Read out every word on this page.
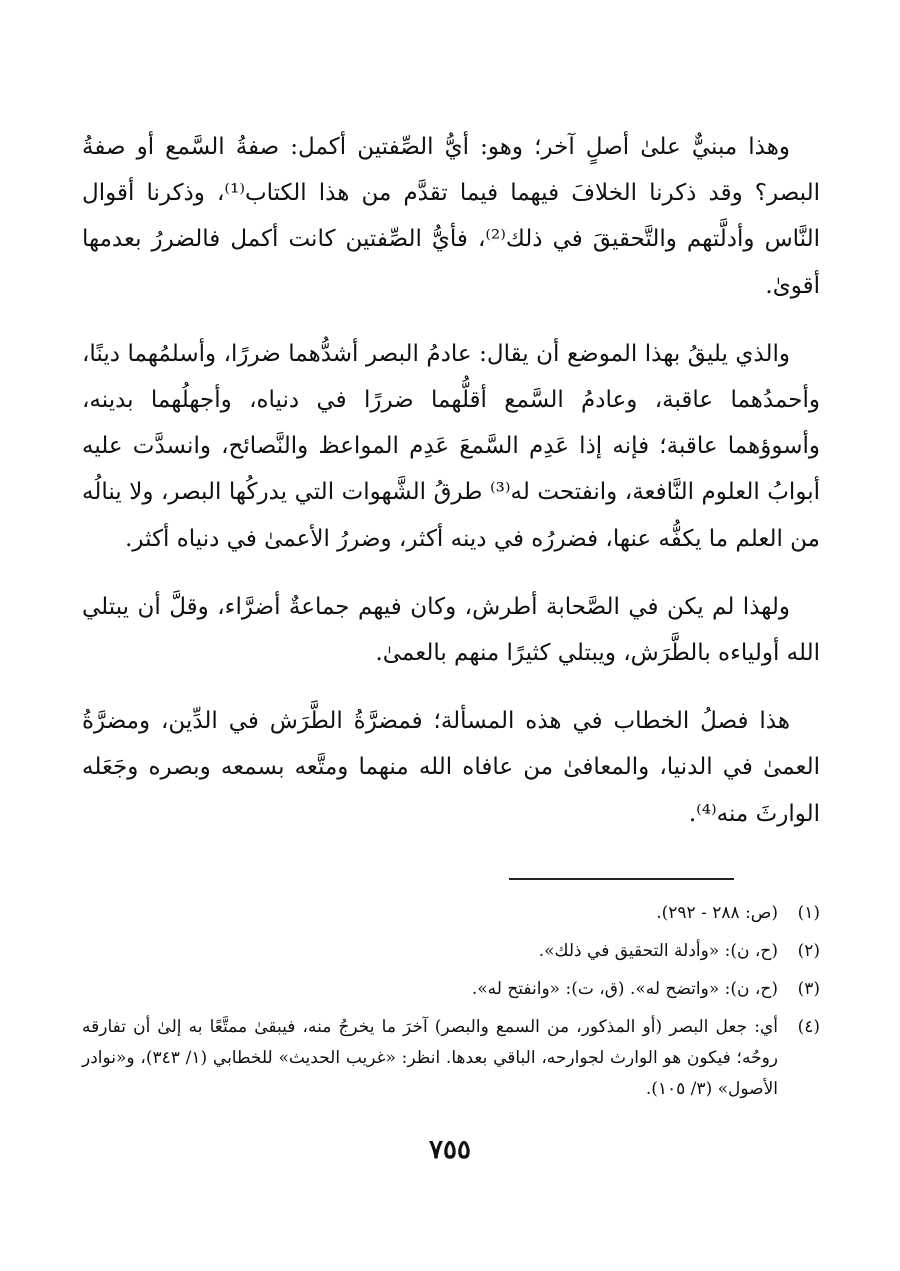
وهذا مبنيٌّ علىٰ أصلٍ آخر؛ وهو: أيُّ الصِّفتين أكمل: صفةُ السَّمع أو صفةُ البصر؟ وقد ذكرنا الخلافَ فيهما فيما تقدَّم من هذا الكتاب⁽¹⁾، وذكرنا أقوال النَّاس وأدلَّتهم والتَّحقيقَ في ذلك⁽²⁾، فأيُّ الصِّفتين كانت أكمل فالضررُ بعدمها أقوىٰ.

والذي يليقُ بهذا الموضع أن يقال: عادمُ البصر أشدُّهما ضررًا، وأسلمُهما دينًا، وأحمدُهما عاقبة، وعادمُ السَّمع أقلُّهما ضررًا في دنياه، وأجهلُهما بدينه، وأسوؤهما عاقبة؛ فإنه إذا عَدِم السَّمعَ عَدِم المواعظ والنَّصائح، وانسدَّت عليه أبوابُ العلوم النَّافعة، وانفتحت له⁽³⁾ طرقُ الشَّهوات التي يدركُها البصر، ولا ينالُه من العلم ما يكفُّه عنها، فضررُه في دينه أكثر، وضررُ الأعمىٰ في دنياه أكثر.

ولهذا لم يكن في الصَّحابة أطرش، وكان فيهم جماعةٌ أضرَّاء، وقلَّ أن يبتلي الله أولياءه بالطَّرَش، ويبتلي كثيرًا منهم بالعمىٰ.

هذا فصلُ الخطاب في هذه المسألة؛ فمضرَّةُ الطَّرَش في الدِّين، ومضرَّةُ العمىٰ في الدنيا، والمعافىٰ من عافاه الله منهما ومتَّعه بسمعه وبصره وجَعَله الوارثَ منه⁽⁴⁾.

(١)
(ص: ٢٨٨ - ٢٩٢).
(٢)
(ح، ن): «وأدلة التحقيق في ذلك».
(٣)
(ح، ن): «واتضح له». (ق، ت): «وانفتح له».
(٤)
أي: جعل البصر (أو المذكور، من السمع والبصر) آخرَ ما يخرجُ منه، فيبقىٰ ممتَّعًا به إلىٰ أن تفارقه روحُه؛ فيكون هو الوارث لجوارحه، الباقي بعدها. انظر: «غريب الحديث» للخطابي (١/ ٣٤٣)، و«نوادر الأصول» (٣/ ١٠٥).
٧٥٥
